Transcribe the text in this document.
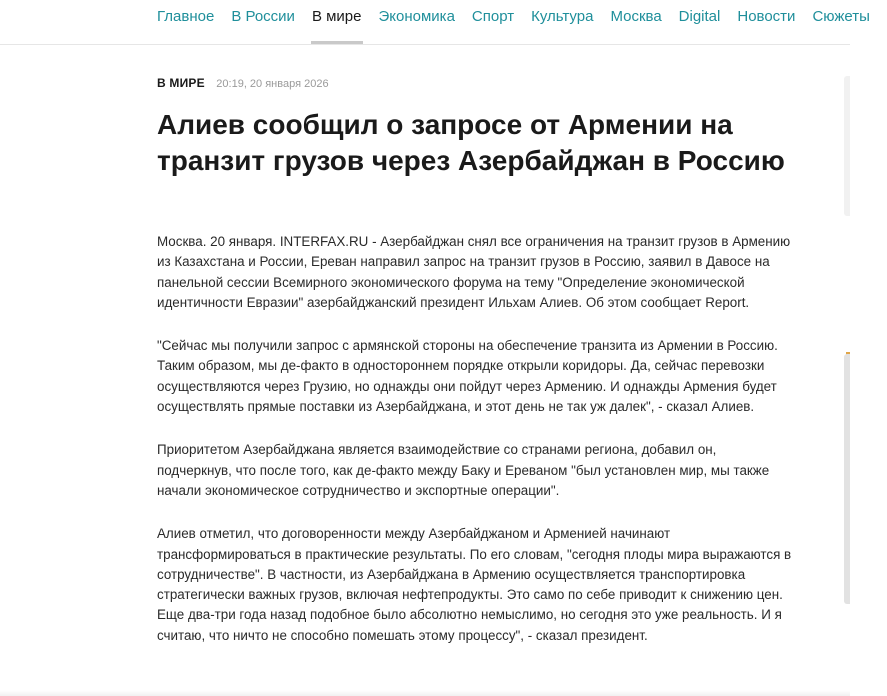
Главное В России В мире Экономика Спорт Культура Москва Digital Новости Сюжеты
В МИРЕ 20:19, 20 января 2026
Алиев сообщил о запросе от Армении на транзит грузов через Азербайджан в Россию

Москва. 20 января. INTERFAX.RU - Азербайджан снял все ограничения на транзит грузов в Армению из Казахстана и России, Ереван направил запрос на транзит грузов в Россию, заявил в Давосе на панельной сессии Всемирного экономического форума на тему "Определение экономической идентичности Евразии" азербайджанский президент Ильхам Алиев. Об этом сообщает Report.

"Сейчас мы получили запрос с армянской стороны на обеспечение транзита из Армении в Россию. Таким образом, мы де-факто в одностороннем порядке открыли коридоры. Да, сейчас перевозки осуществляются через Грузию, но однажды они пойдут через Армению. И однажды Армения будет осуществлять прямые поставки из Азербайджана, и этот день не так уж далек", - сказал Алиев.

Приоритетом Азербайджана является взаимодействие со странами региона, добавил он, подчеркнув, что после того, как де-факто между Баку и Ереваном "был установлен мир, мы также начали экономическое сотрудничество и экспортные операции".

Алиев отметил, что договоренности между Азербайджаном и Арменией начинают трансформироваться в практические результаты. По его словам, "сегодня плоды мира выражаются в сотрудничестве". В частности, из Азербайджана в Армению осуществляется транспортировка стратегически важных грузов, включая нефтепродукты. Это само по себе приводит к снижению цен. Еще два-три года назад подобное было абсолютно немыслимо, но сегодня это уже реальность. И я считаю, что ничто не способно помешать этому процессу", - сказал президент.
